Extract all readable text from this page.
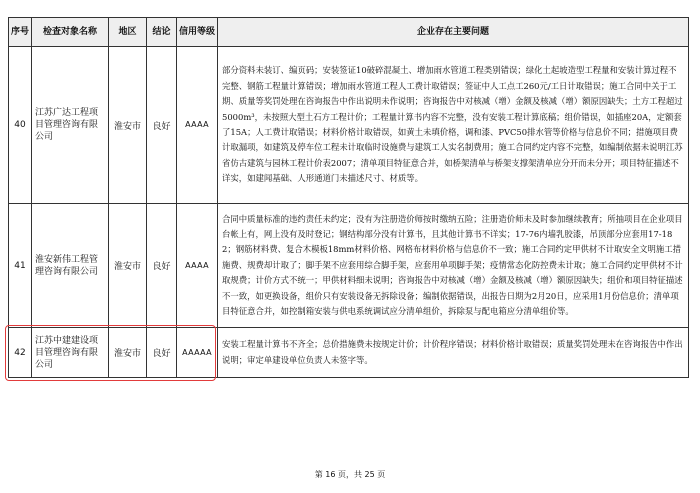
序号	检查对象名称	地区	结论	信用等级	企业存在主要问题
40	江苏广达工程项目管理咨询有限公司	淮安市	良好	AAAA	部分资料未装订、编页码；安装签证10破碎混凝土、增加雨水管道工程类别错误；绿化土起坡造型工程量和安装计算过程不完整、钢筋工程量计算错误；增加雨水管道工程人工费计取错误；签证中人工点工260元/工日计取错误；施工合同中关于工期、质量等奖罚处理在咨询报告中作出说明未作说明；咨询报告中对核减（增）金额及核减（增）额原因缺失；土方工程超过5000m³，未按照大型土石方工程计价；工程量计算书内容不完整，没有安装工程计算底稿；组价错误，如插座20A，定额套了15A；人工费计取错误；材料价格计取错误，如黄土未填价格，调和漆、PVC50排水管等价格与信息价不同；措施项目费计取漏项，如建筑及停车位工程未计取临时设施费与建筑工人实名制费用；施工合同约定内容不完整，如编制依据未说明江苏省仿古建筑与园林工程计价表2007；清单项目特征意合并，如桥架清单与桥架支撑架清单应分开而未分开；项目特征描述不详实，如建闻基础、人形通道门未描述尺寸、材质等。
41	淮安新伟工程管理咨询有限公司	淮安市	良好	AAAA	合同中质量标准的违约责任未约定；没有为注册造价师按时缴纳五险；注册造价师未及时参加继续教育；所抽项目在企业项目台帐上有，网上没有及时登记；钢结构部分没有计算书，且其他计算书不详实；17-76内墙乳胶漆，吊顶部分应套用17-182；钢筋材料费、复合木模板18mm材料价格、网格布材料价格与信息价不一致；施工合同约定甲供材不计取安全文明施工措施费、规费却计取了；脚手架不应套用综合脚手架，应套用单项脚手架；疫情常态化防控费未计取；施工合同约定甲供材不计取规费；计价方式不统一；甲供材料细未说明；咨询报告中对核减（增）金额及核减（增）额原因缺失；组价和项目特征描述不一致，如更换设备，组价只有安装设备无拆除设备；编制依据错误，出报告日期为2月20日，应采用1月份信息价；清单项目特征意合并，如控制箱安装与供电系统调试应分清单组价，拆除泵与配电箱应分清单组价等。
42	江苏中建建设项目管理咨询有限公司	淮安市	良好	AAAAA	安装工程量计算书不齐全；总价措施费未按规定计价；计价程序错误；材料价格计取错误；质量奖罚处理未在咨询报告中作出说明；审定单建设单位负责人未签字等。
第 16 页，共 25 页
